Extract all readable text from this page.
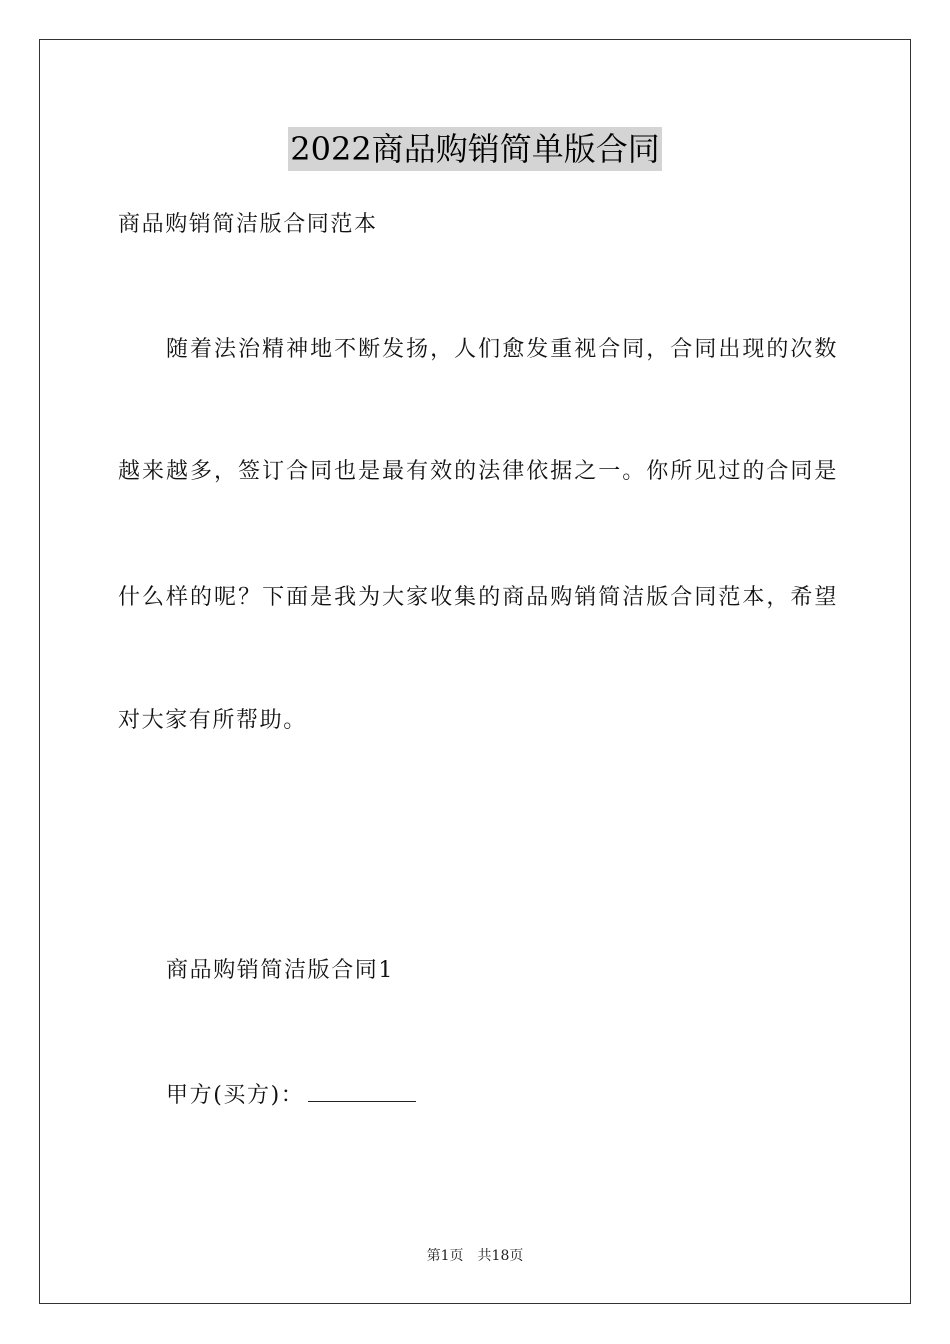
2022商品购销简单版合同
商品购销简洁版合同范本
随着法治精神地不断发扬，人们愈发重视合同，合同出现的次数
越来越多，签订合同也是最有效的法律依据之一。你所见过的合同是
什么样的呢？下面是我为大家收集的商品购销简洁版合同范本，希望
对大家有所帮助。
商品购销简洁版合同1
甲方(买方)：
第1页　共18页
